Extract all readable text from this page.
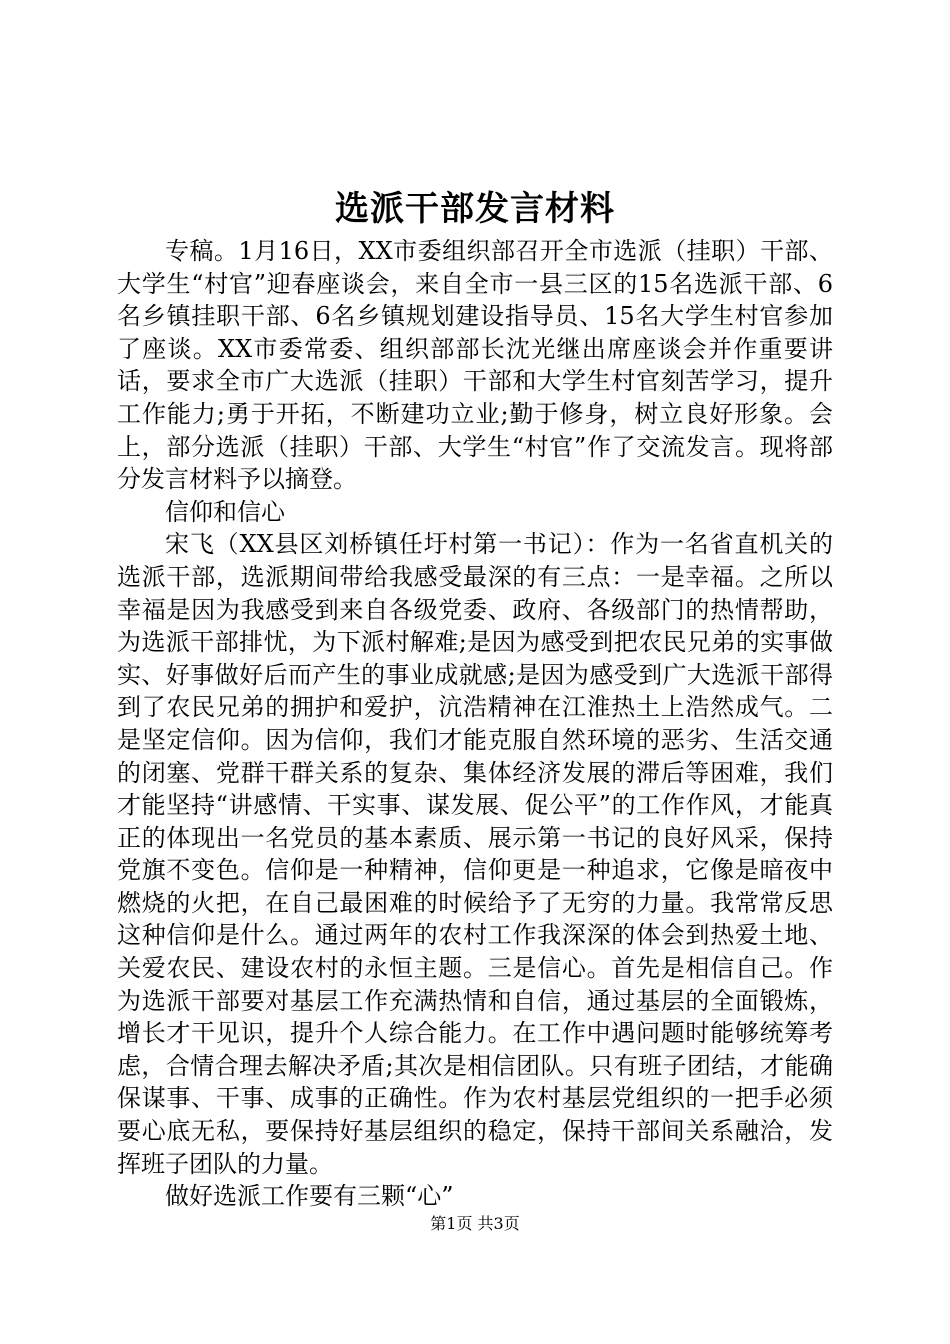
选派干部发言材料

专稿。1月16日，XX市委组织部召开全市选派（挂职）干部、大学生“村官”迎春座谈会，来自全市一县三区的15名选派干部、6名乡镇挂职干部、6名乡镇规划建设指导员、15名大学生村官参加了座谈。XX市委常委、组织部部长沈光继出席座谈会并作重要讲话，要求全市广大选派（挂职）干部和大学生村官刻苦学习，提升工作能力;勇于开拓，不断建功立业;勤于修身，树立良好形象。会上，部分选派（挂职）干部、大学生“村官”作了交流发言。现将部分发言材料予以摘登。

信仰和信心

宋飞（XX县区刘桥镇任圩村第一书记）：作为一名省直机关的选派干部，选派期间带给我感受最深的有三点：一是幸福。之所以幸福是因为我感受到来自各级党委、政府、各级部门的热情帮助，为选派干部排忧，为下派村解难;是因为感受到把农民兄弟的实事做实、好事做好后而产生的事业成就感;是因为感受到广大选派干部得到了农民兄弟的拥护和爱护，沆浩精神在江淮热土上浩然成气。二是坚定信仰。因为信仰，我们才能克服自然环境的恶劣、生活交通的闭塞、党群干群关系的复杂、集体经济发展的滞后等困难，我们才能坚持“讲感情、干实事、谋发展、促公平”的工作作风，才能真正的体现出一名党员的基本素质、展示第一书记的良好风采，保持党旗不变色。信仰是一种精神，信仰更是一种追求，它像是暗夜中燃烧的火把，在自己最困难的时候给予了无穷的力量。我常常反思这种信仰是什么。通过两年的农村工作我深深的体会到热爱土地、关爱农民、建设农村的永恒主题。三是信心。首先是相信自己。作为选派干部要对基层工作充满热情和自信，通过基层的全面锻炼，增长才干见识，提升个人综合能力。在工作中遇问题时能够统筹考虑，合情合理去解决矛盾;其次是相信团队。只有班子团结，才能确保谋事、干事、成事的正确性。作为农村基层党组织的一把手必须要心底无私，要保持好基层组织的稳定，保持干部间关系融洽，发挥班子团队的力量。

做好选派工作要有三颗“心”

第1页 共3页
